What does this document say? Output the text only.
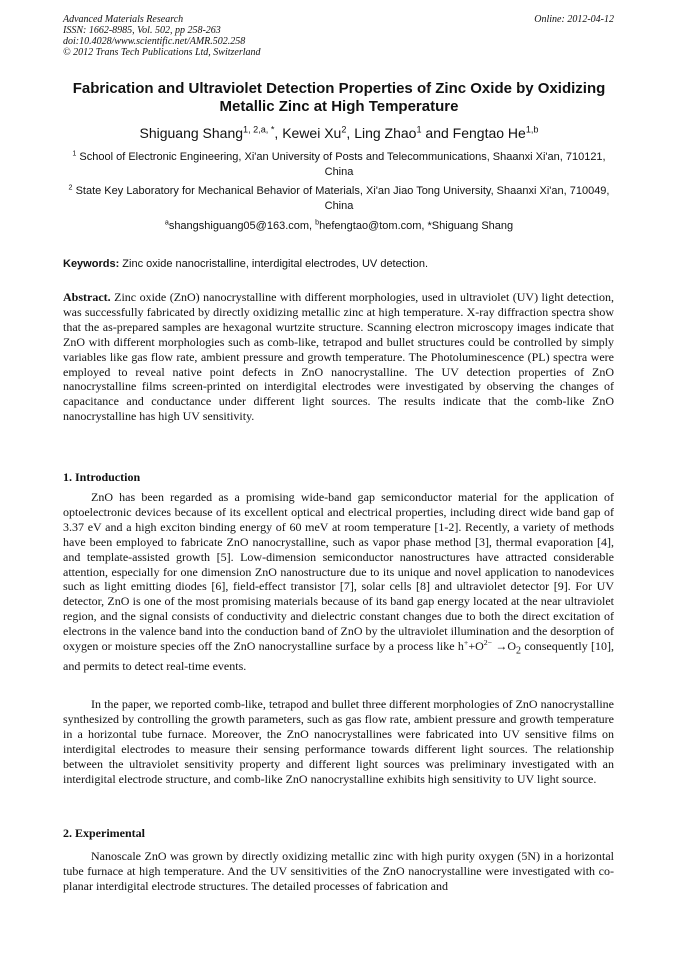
Advanced Materials Research
ISSN: 1662-8985, Vol. 502, pp 258-263
doi:10.4028/www.scientific.net/AMR.502.258
© 2012 Trans Tech Publications Ltd, Switzerland
Online: 2012-04-12
Fabrication and Ultraviolet Detection Properties of Zinc Oxide by Oxidizing Metallic Zinc at High Temperature
Shiguang Shang$^{1, 2,a, *}$, Kewei Xu$^2$, Ling Zhao$^1$ and Fengtao He$^{1,b}$
$^1$ School of Electronic Engineering, Xi'an University of Posts and Telecommunications, Shaanxi Xi'an, 710121, China
$^2$ State Key Laboratory for Mechanical Behavior of Materials, Xi'an Jiao Tong University, Shaanxi Xi'an, 710049, China
$^a$shangshiguang05@163.com, $^b$hefengtao@tom.com, *Shiguang Shang
Keywords: Zinc oxide nanocristalline, interdigital electrodes, UV detection.

Abstract. Zinc oxide (ZnO) nanocrystalline with different morphologies, used in ultraviolet (UV) light detection, was successfully fabricated by directly oxidizing metallic zinc at high temperature. X-ray diffraction spectra show that the as-prepared samples are hexagonal wurtzite structure. Scanning electron microscopy images indicate that ZnO with different morphologies such as comb-like, tetrapod and bullet structures could be controlled by simply variables like gas flow rate, ambient pressure and growth temperature. The Photoluminescence (PL) spectra were employed to reveal native point defects in ZnO nanocrystalline. The UV detection properties of ZnO nanocrystalline films screen-printed on interdigital electrodes were investigated by observing the changes of capacitance and conductance under different light sources. The results indicate that the comb-like ZnO nanocrystalline has high UV sensitivity.

1. Introduction

ZnO has been regarded as a promising wide-band gap semiconductor material for the application of optoelectronic devices because of its excellent optical and electrical properties, including direct wide band gap of 3.37 eV and a high exciton binding energy of 60 meV at room temperature [1-2]. Recently, a variety of methods have been employed to fabricate ZnO nanocrystalline, such as vapor phase method [3], thermal evaporation [4], and template-assisted growth [5]. Low-dimension semiconductor nanostructures have attracted considerable attention, especially for one dimension ZnO nanostructure due to its unique and novel application to nanodevices such as light emitting diodes [6], field-effect transistor [7], solar cells [8] and ultraviolet detector [9]. For UV detector, ZnO is one of the most promising materials because of its band gap energy located at the near ultraviolet region, and the signal consists of conductivity and dielectric constant changes due to both the direct excitation of electrons in the valence band into the conduction band of ZnO by the ultraviolet illumination and the desorption of oxygen or moisture species off the ZnO nanocrystalline surface by a process like $h^++O^{2-} \to O_2$ consequently [10], and permits to detect real-time events.

In the paper, we reported comb-like, tetrapod and bullet three different morphologies of ZnO nanocrystalline synthesized by controlling the growth parameters, such as gas flow rate, ambient pressure and growth temperature in a horizontal tube furnace. Moreover, the ZnO nanocrystallines were fabricated into UV sensitive films on interdigital electrodes to measure their sensing performance towards different light sources. The relationship between the ultraviolet sensitivity property and different light sources was preliminary investigated with an interdigital electrode structure, and comb-like ZnO nanocrystalline exhibits high sensitivity to UV light source.

2. Experimental

Nanoscale ZnO was grown by directly oxidizing metallic zinc with high purity oxygen (5N) in a horizontal tube furnace at high temperature. And the UV sensitivities of the ZnO nanocrystalline were investigated with co-planar interdigital electrode structures. The detailed processes of fabrication and
